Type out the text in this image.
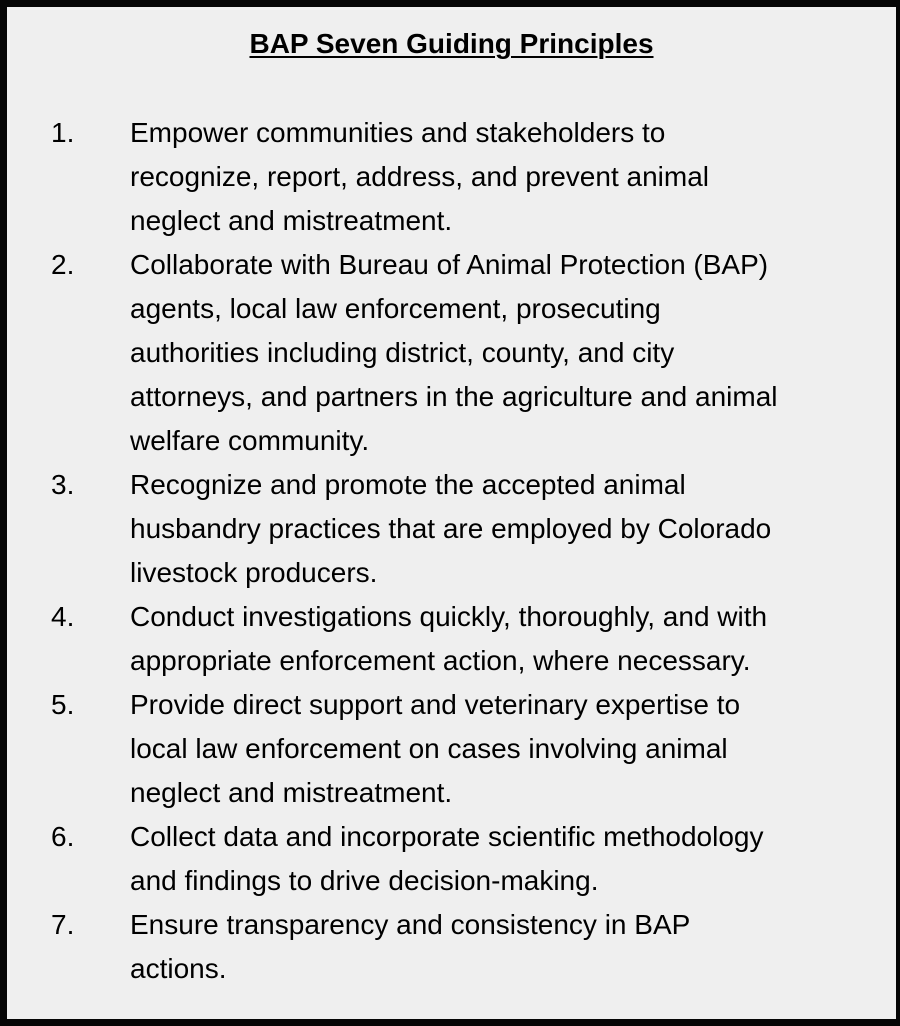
BAP Seven Guiding Principles
1. Empower communities and stakeholders to
recognize, report, address, and prevent animal
neglect and mistreatment.
2. Collaborate with Bureau of Animal Protection (BAP)
agents, local law enforcement, prosecuting
authorities including district, county, and city
attorneys, and partners in the agriculture and animal
welfare community.
3. Recognize and promote the accepted animal
husbandry practices that are employed by Colorado
livestock producers.
4. Conduct investigations quickly, thoroughly, and with
appropriate enforcement action, where necessary.
5. Provide direct support and veterinary expertise to
local law enforcement on cases involving animal
neglect and mistreatment.
6. Collect data and incorporate scientific methodology
and findings to drive decision-making.
7. Ensure transparency and consistency in BAP
actions.
